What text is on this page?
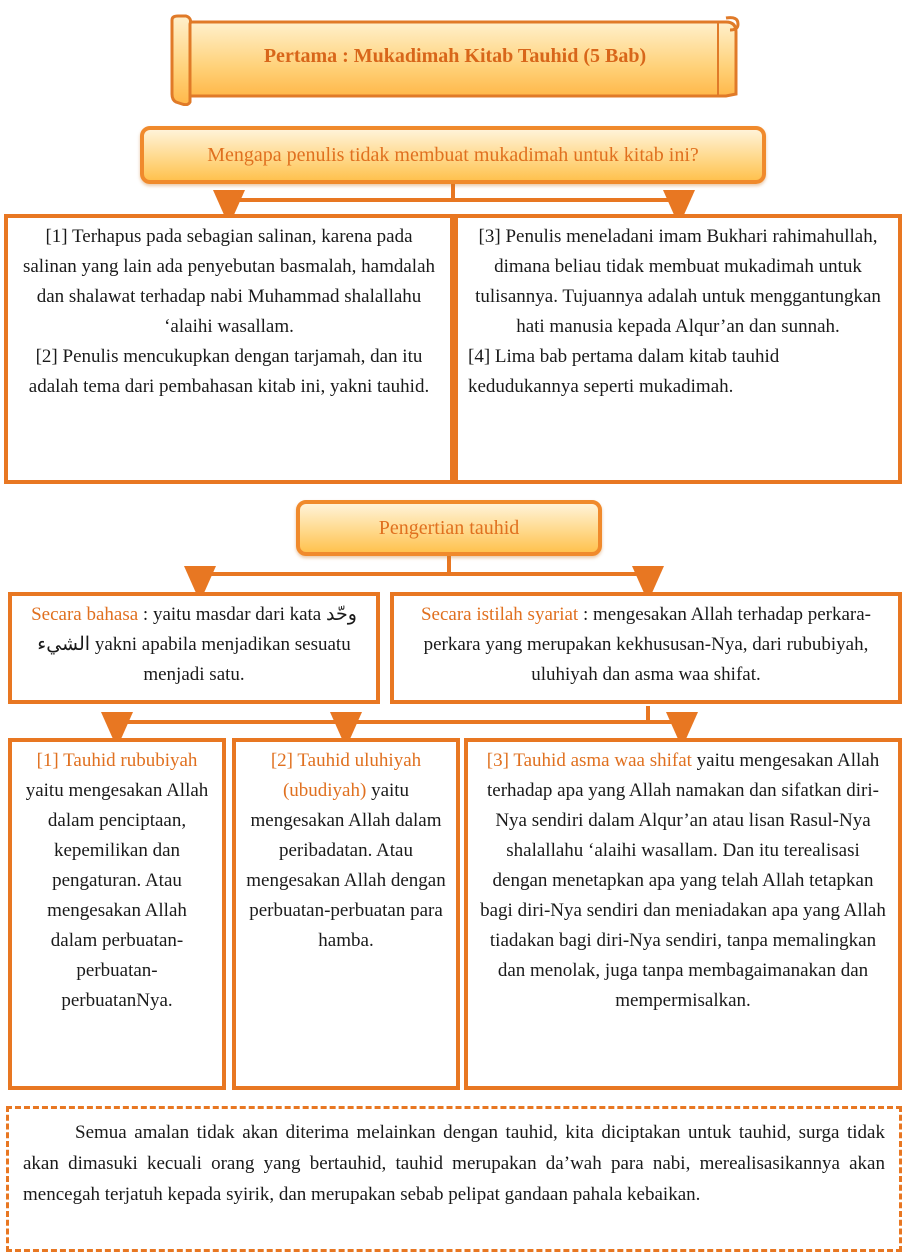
Pertama : Mukadimah Kitab Tauhid (5 Bab)
Mengapa penulis tidak membuat mukadimah untuk kitab ini?

[1] Terhapus pada sebagian salinan, karena pada salinan yang lain ada penyebutan basmalah, hamdalah dan shalawat terhadap nabi Muhammad shalallahu ‘alaihi wasallam.

[2] Penulis mencukupkan dengan tarjamah, dan itu adalah tema dari pembahasan kitab ini, yakni tauhid.

[3] Penulis meneladani imam Bukhari rahimahullah, dimana beliau tidak membuat mukadimah untuk tulisannya. Tujuannya adalah untuk menggantungkan hati manusia kepada Alqur’an dan sunnah.

[4] Lima bab pertama dalam kitab tauhid kedudukannya seperti mukadimah.

Pengertian tauhid

Secara bahasa : yaitu masdar dari kata وحّد الشيء yakni apabila menjadikan sesuatu menjadi satu.

Secara istilah syariat : mengesakan Allah terhadap perkara-perkara yang merupakan kekhususan-Nya, dari rububiyah, uluhiyah dan asma waa shifat.

[1] Tauhid rububiyah yaitu mengesakan Allah dalam penciptaan, kepemilikan dan pengaturan. Atau mengesakan Allah dalam perbuatan-perbuatan-perbuatanNya.

[2] Tauhid uluhiyah (ubudiyah) yaitu mengesakan Allah dalam peribadatan. Atau mengesakan Allah dengan perbuatan-perbuatan para hamba.

[3] Tauhid asma waa shifat yaitu mengesakan Allah terhadap apa yang Allah namakan dan sifatkan diri-Nya sendiri dalam Alqur’an atau lisan Rasul-Nya shalallahu ‘alaihi wasallam. Dan itu terealisasi dengan menetapkan apa yang telah Allah tetapkan bagi diri-Nya sendiri dan meniadakan apa yang Allah tiadakan bagi diri-Nya sendiri, tanpa memalingkan dan menolak, juga tanpa membagaimanakan dan mempermisalkan.

Semua amalan tidak akan diterima melainkan dengan tauhid, kita diciptakan untuk tauhid, surga tidak akan dimasuki kecuali orang yang bertauhid, tauhid merupakan da’wah para nabi, merealisasikannya akan mencegah terjatuh kepada syirik, dan merupakan sebab pelipat gandaan pahala kebaikan.
